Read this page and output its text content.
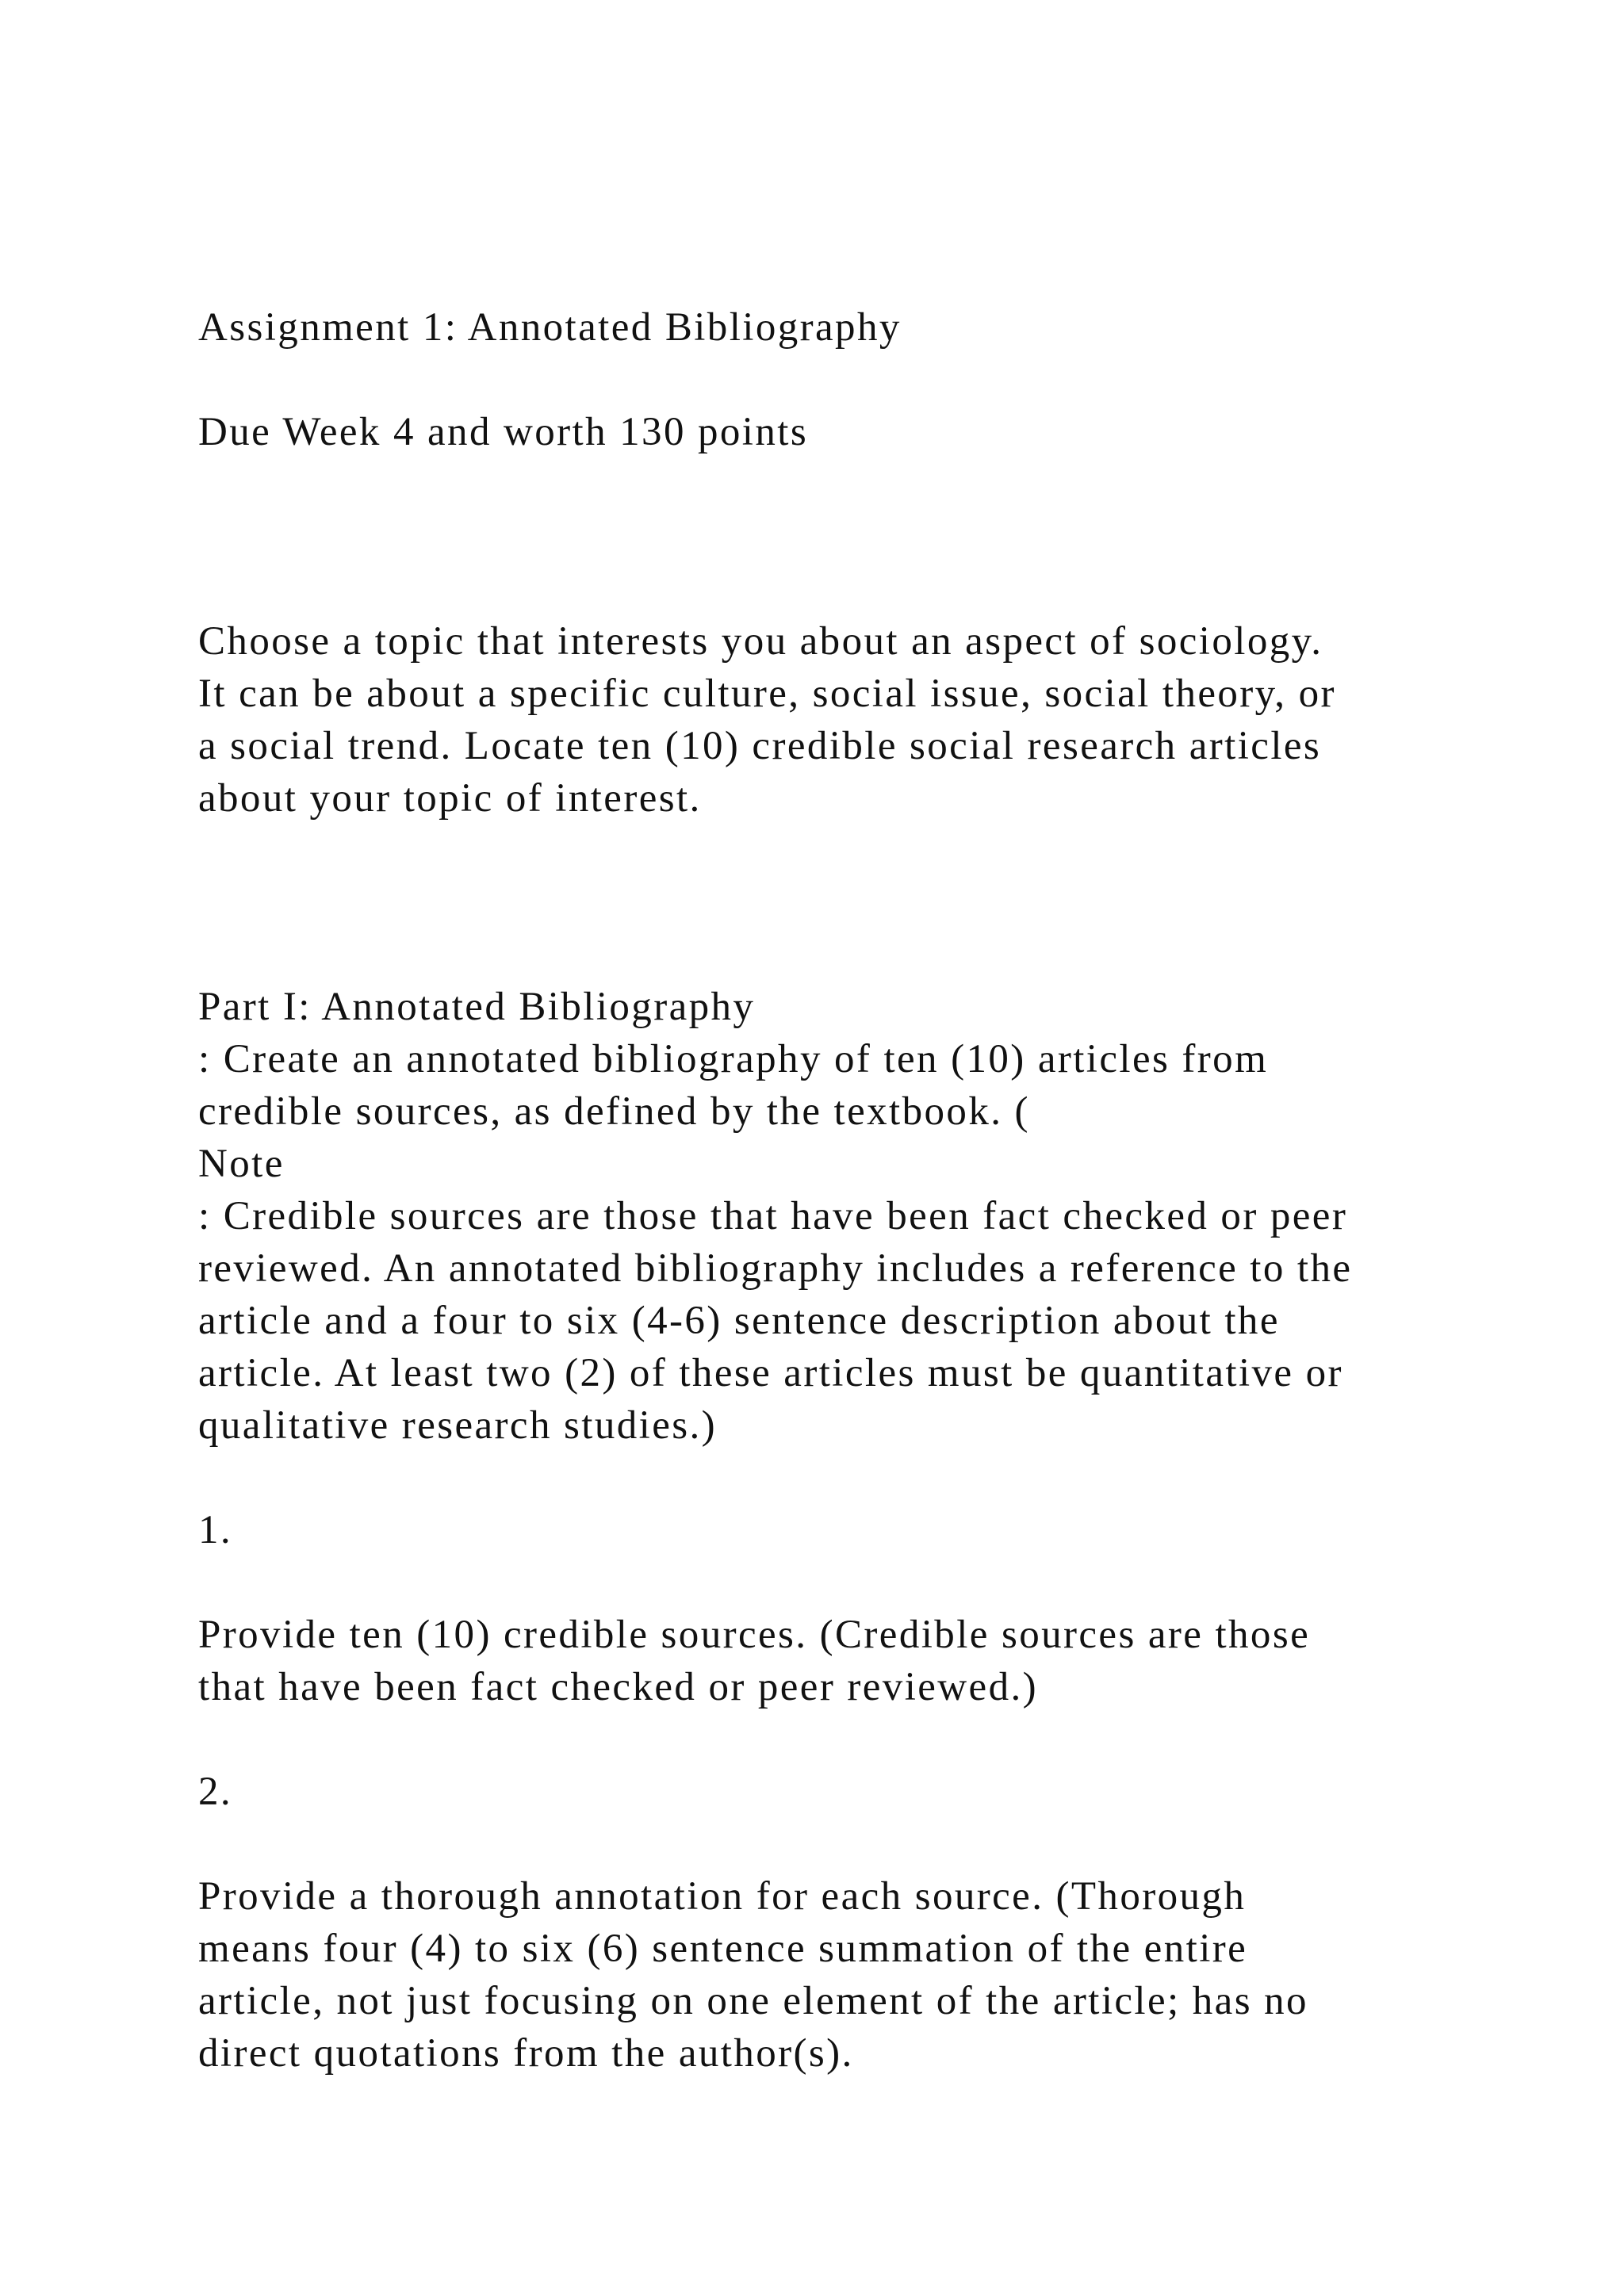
Assignment 1: Annotated Bibliography
Due Week 4 and worth 130 points
Choose a topic that interests you about an aspect of sociology.
It can be about a specific culture, social issue, social theory, or
a social trend. Locate ten (10) credible social research articles
about your topic of interest.
Part I: Annotated Bibliography
: Create an annotated bibliography of ten (10) articles from
credible sources, as defined by the textbook. (
Note
: Credible sources are those that have been fact checked or peer
reviewed. An annotated bibliography includes a reference to the
article and a four to six (4-6) sentence description about the
article. At least two (2) of these articles must be quantitative or
qualitative research studies.)
1.
Provide ten (10) credible sources. (Credible sources are those
that have been fact checked or peer reviewed.)
2.
Provide a thorough annotation for each source. (Thorough
means four (4) to six (6) sentence summation of the entire
article, not just focusing on one element of the article; has no
direct quotations from the author(s).
